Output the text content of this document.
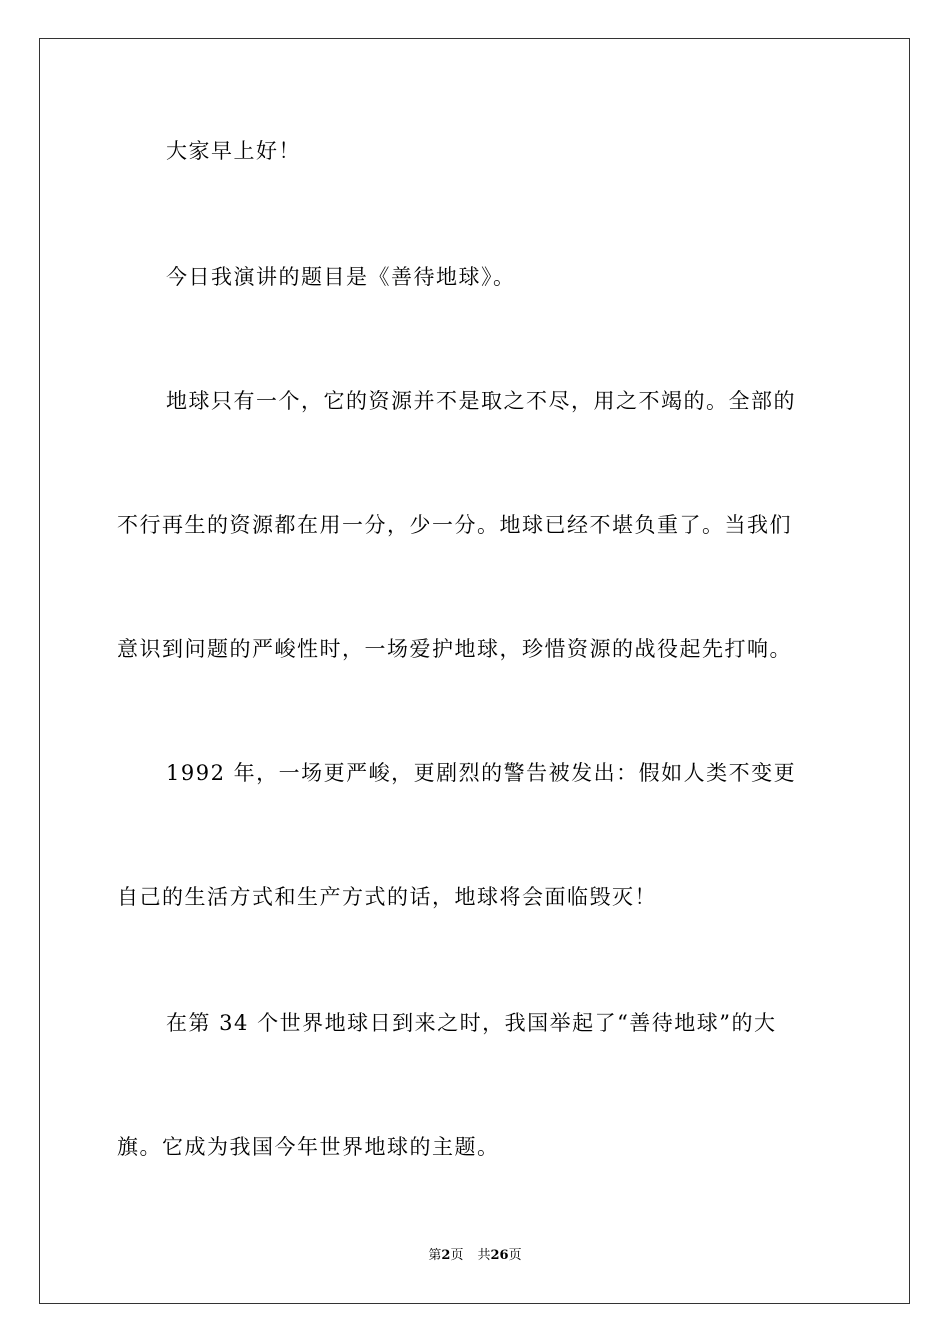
大家早上好！
今日我演讲的题目是《善待地球》。
地球只有一个，它的资源并不是取之不尽，用之不竭的。全部的
不行再生的资源都在用一分，少一分。地球已经不堪负重了。当我们
意识到问题的严峻性时，一场爱护地球，珍惜资源的战役起先打响。
1992 年，一场更严峻，更剧烈的警告被发出：假如人类不变更
自己的生活方式和生产方式的话，地球将会面临毁灭！
在第 34 个世界地球日到来之时，我国举起了“善待地球”的大
旗。它成为我国今年世界地球的主题。
第2页 共26页
